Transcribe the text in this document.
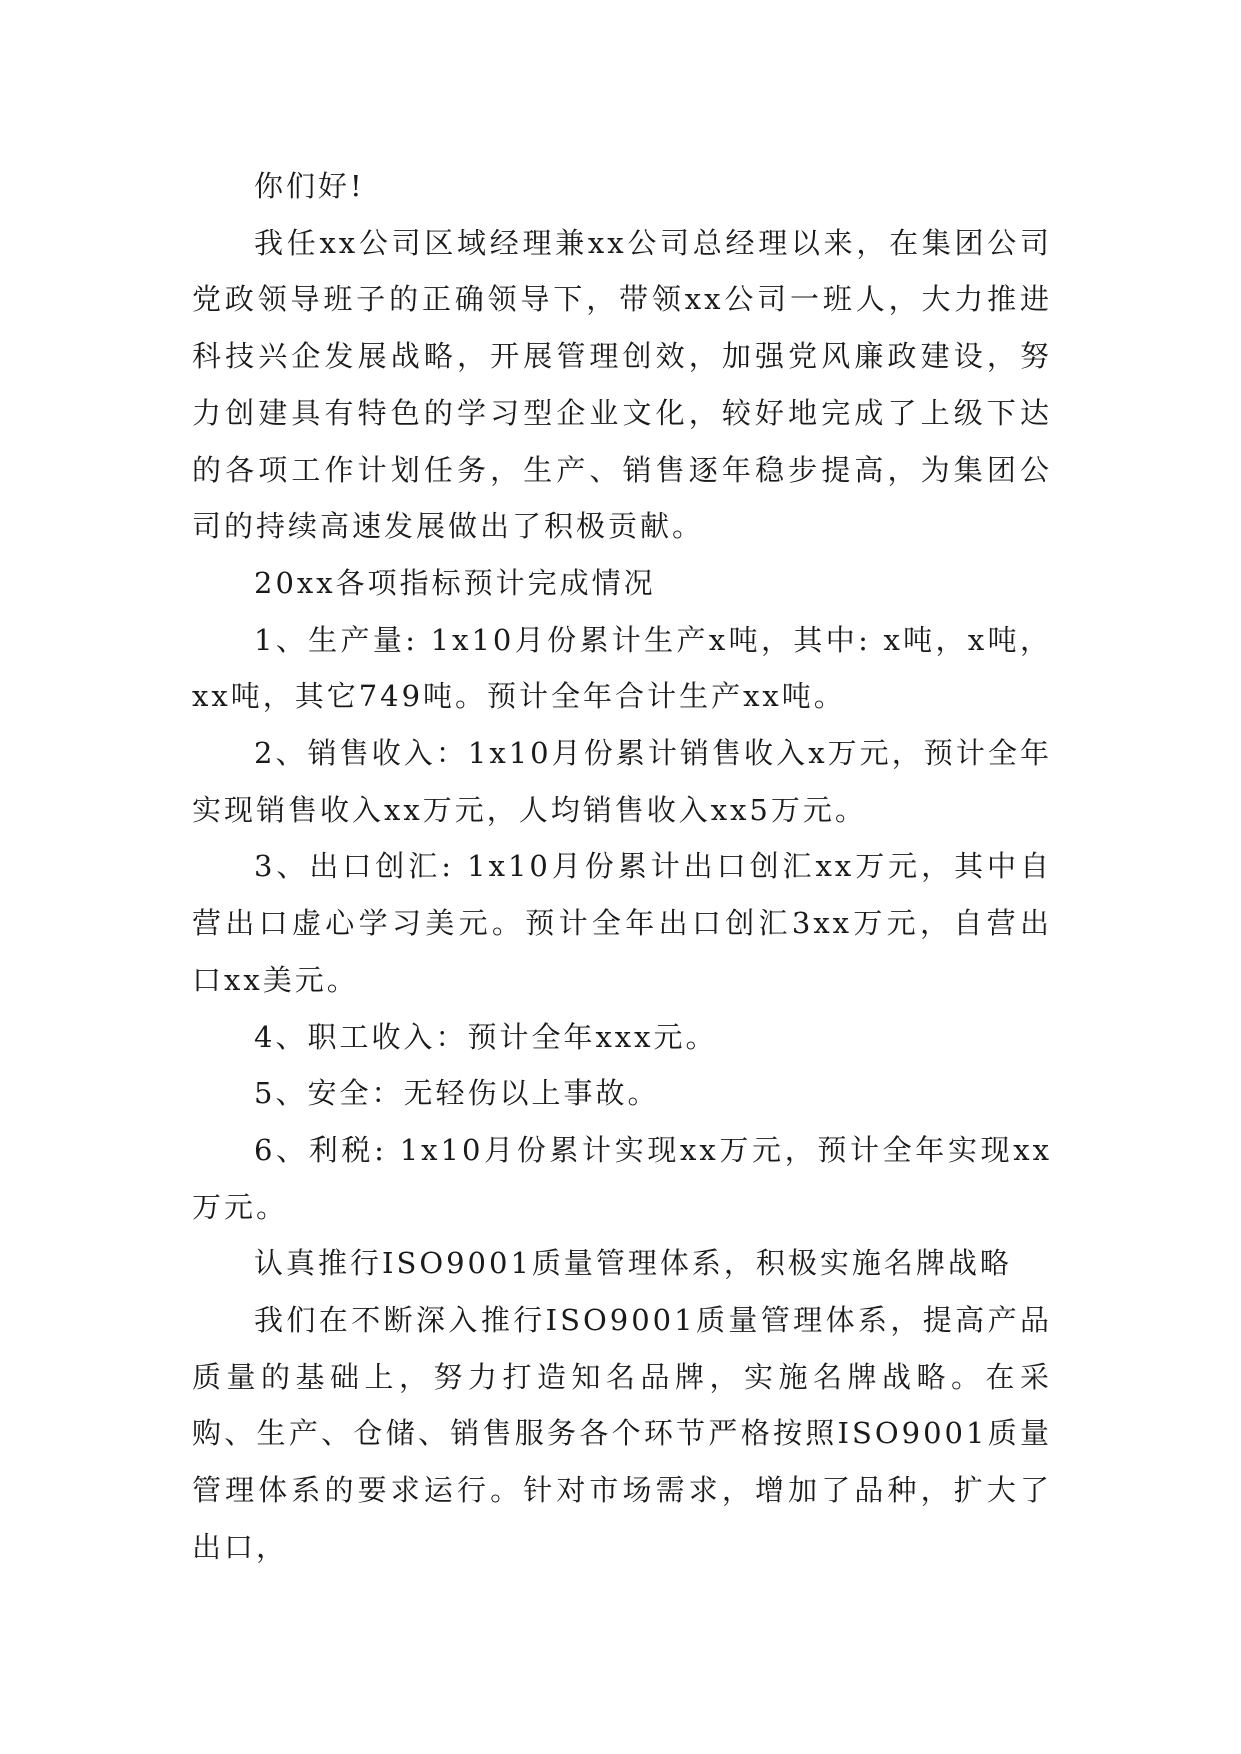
你们好!

我任xx公司区域经理兼xx公司总经理以来，在集团公司党政领导班子的正确领导下，带领xx公司一班人，大力推进科技兴企发展战略，开展管理创效，加强党风廉政建设，努力创建具有特色的学习型企业文化，较好地完成了上级下达的各项工作计划任务，生产、销售逐年稳步提高，为集团公司的持续高速发展做出了积极贡献。

20xx各项指标预计完成情况

1、生产量: 1x10月份累计生产x吨，其中: x吨，x吨，xx吨，其它749吨。预计全年合计生产xx吨。

2、销售收入：1x10月份累计销售收入x万元，预计全年实现销售收入xx万元，人均销售收入xx5万元。

3、出口创汇: 1x10月份累计出口创汇xx万元，其中自营出口虚心学习美元。预计全年出口创汇3xx万元，自营出口xx美元。

4、职工收入：预计全年xxx元。

5、安全：无轻伤以上事故。

6、利税: 1x10月份累计实现xx万元，预计全年实现xx万元。

认真推行ISO9001质量管理体系，积极实施名牌战略

我们在不断深入推行ISO9001质量管理体系，提高产品质量的基础上，努力打造知名品牌，实施名牌战略。在采购、生产、仓储、销售服务各个环节严格按照ISO9001质量管理体系的要求运行。针对市场需求，增加了品种，扩大了出口，
